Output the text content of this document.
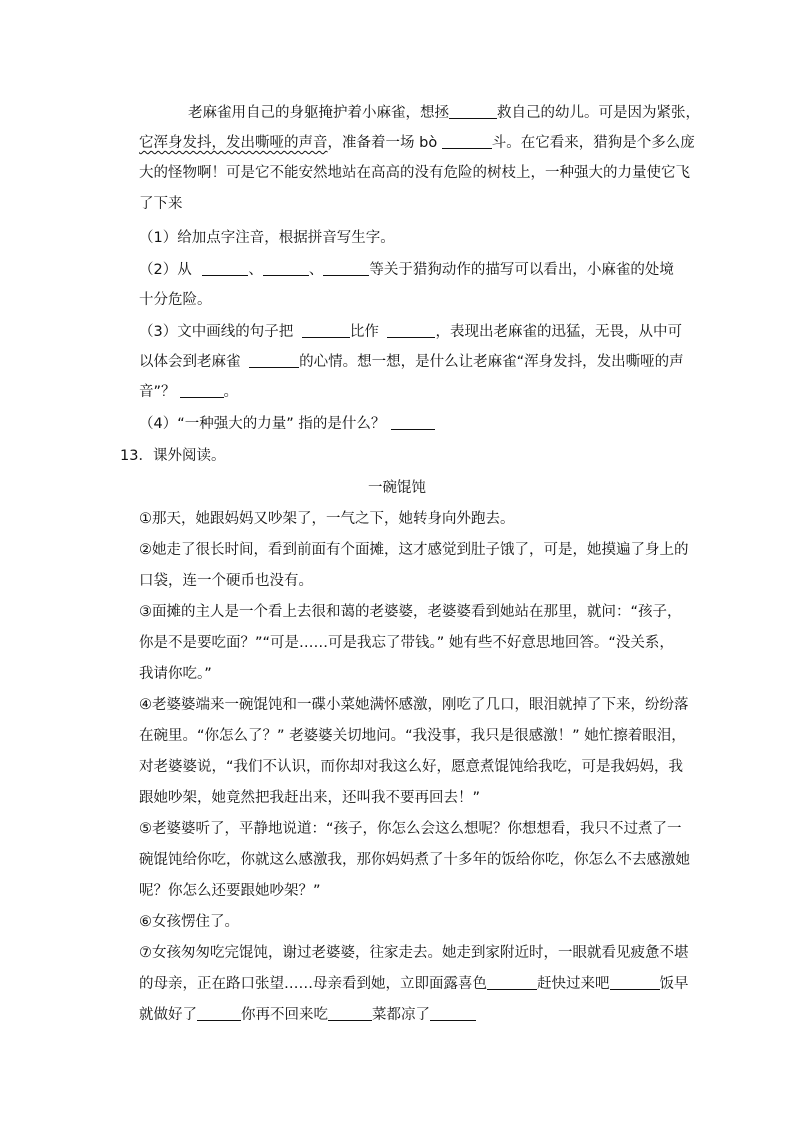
老麻雀用自己的身躯掩护着小麻雀，想拯	救自己的幼儿。可是因为紧张，
它浑身发抖，发出嘶哑的声音，准备着一场 bò	斗。在它看来，猎狗是个多么庞
大的怪物啊！可是它不能安然地站在高高的没有危险的树枝上，一种强大的力量使它飞
了下来
（1）给加点字注音，根据拼音写生字。
（2）从	、	、	等关于猎狗动作的描写可以看出，小麻雀的处境
十分危险。
（3）文中画线的句子把	比作	，表现出老麻雀的迅猛，无畏，从中可
以体会到老麻雀	的心情。想一想，是什么让老麻雀“浑身发抖，发出嘶哑的声
音”？	。
（4）“一种强大的力量” 指的是什么？
13．课外阅读。
一碗馄饨
①那天，她跟妈妈又吵架了，一气之下，她转身向外跑去。
②她走了很长时间，看到前面有个面摊，这才感觉到肚子饿了，可是，她摸遍了身上的
口袋，连一个硬币也没有。
③面摊的主人是一个看上去很和蔼的老婆婆，老婆婆看到她站在那里，就问：“孩子，
你是不是要吃面？”“可是……可是我忘了带钱。” 她有些不好意思地回答。“没关系，
我请你吃。”
④老婆婆端来一碗馄饨和一碟小菜她满怀感激，刚吃了几口，眼泪就掉了下来，纷纷落
在碗里。“你怎么了？” 老婆婆关切地问。“我没事，我只是很感激！” 她忙擦着眼泪，
对老婆婆说，“我们不认识，而你却对我这么好，愿意煮馄饨给我吃，可是我妈妈，我
跟她吵架，她竟然把我赶出来，还叫我不要再回去！”
⑤老婆婆听了，平静地说道：“孩子，你怎么会这么想呢？你想想看，我只不过煮了一
碗馄饨给你吃，你就这么感激我，那你妈妈煮了十多年的饭给你吃，你怎么不去感激她
呢？你怎么还要跟她吵架？”
⑥女孩愣住了。
⑦女孩匆匆吃完馄饨，谢过老婆婆，往家走去。她走到家附近时，一眼就看见疲惫不堪
的母亲，正在路口张望……母亲看到她，立即面露喜色	赶快过来吧	饭早
就做好了	你再不回来吃	菜都凉了
